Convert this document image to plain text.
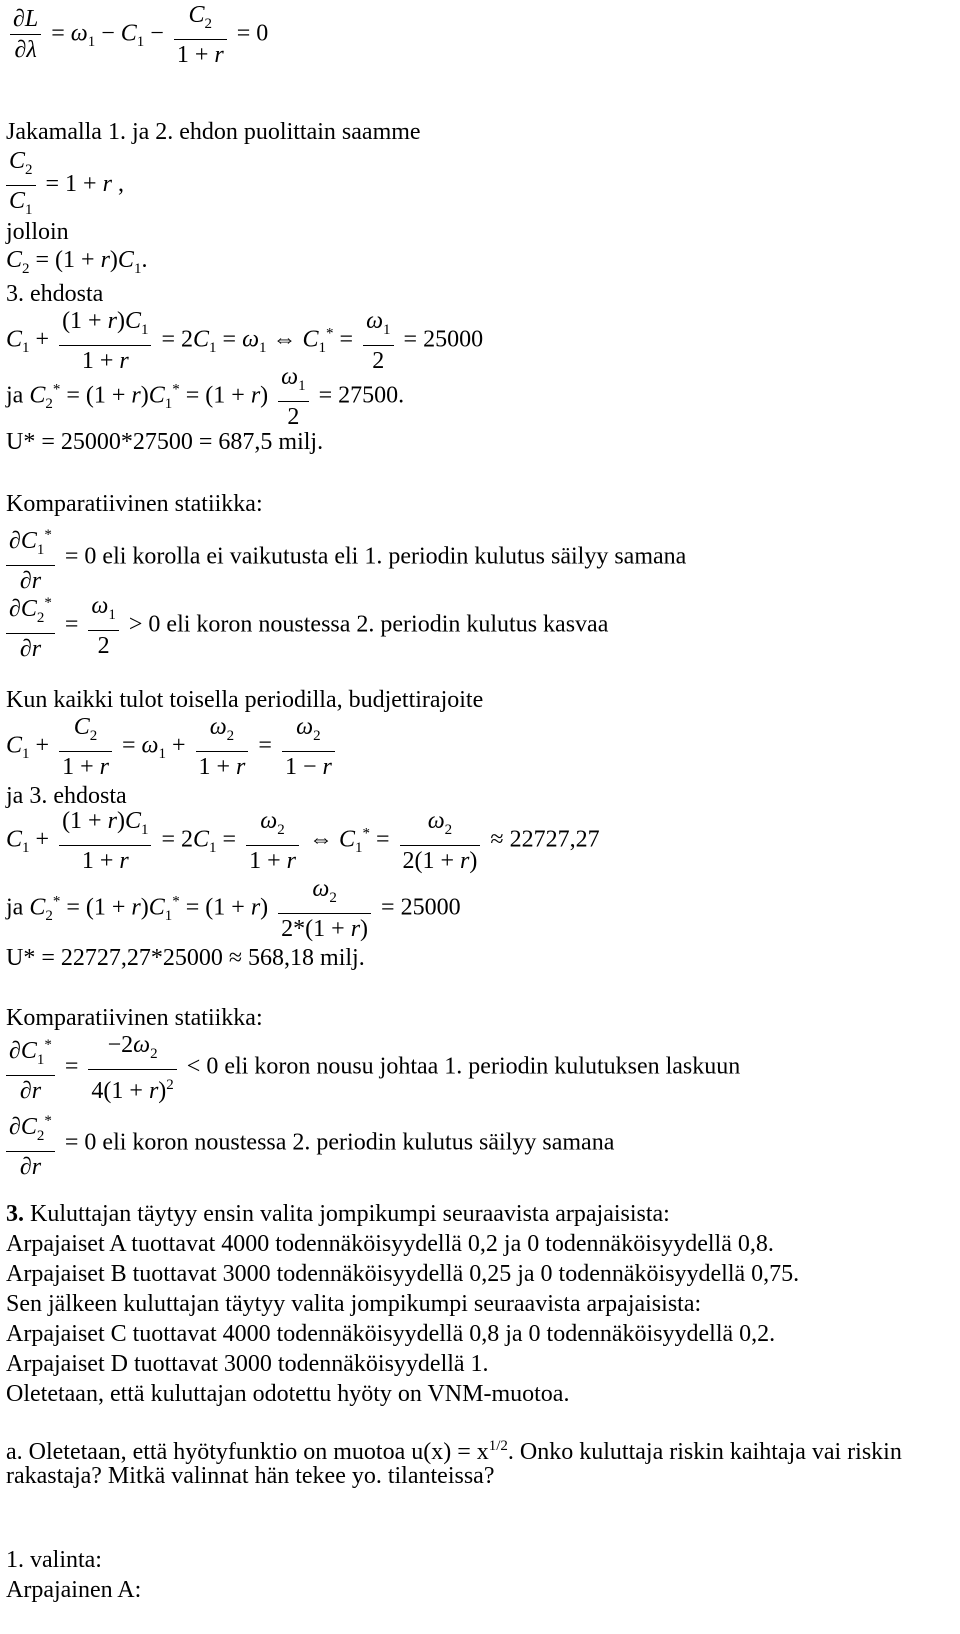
$\frac{\partial L}{\partial\lambda} = \omega_1 - C_1 - \frac{C_2}{1 + r} = 0$
Jakamalla 1. ja 2. ehdon puolittain saamme
$\frac{C_2}{C_1} = 1 + r$ ,
jolloin
$C_2 = (1 + r)C_1$.
3. ehdosta
$C_1 + \frac{(1 + r)C_1}{1 + r} = 2C_1 = \omega_1$ ⇔ $C_1^* = \frac{\omega_1}{2} = 25000$
ja $C_2^* = (1 + r)C_1^* = (1 + r) \frac{\omega_1}{2} = 27500$.
U* = 25000*27500 = 687,5 milj.
Komparatiivinen statiikka:
$\frac{\partial C_1^*}{\partial r} = 0$ eli korolla ei vaikutusta eli 1. periodin kulutus säilyy samana
$\frac{\partial C_2^*}{\partial r} = \frac{\omega_1}{2} > 0$ eli koron noustessa 2. periodin kulutus kasvaa
Kun kaikki tulot toisella periodilla, budjettirajoite
$C_1 + \frac{C_2}{1 + r} = \omega_1 + \frac{\omega_2}{1 + r} = \frac{\omega_2}{1 - r}$
ja 3. ehdosta
$C_1 + \frac{(1 + r)C_1}{1 + r} = 2C_1 = \frac{\omega_2}{1 + r}$ ⇔ $C_1^* = \frac{\omega_2}{2(1 + r)} \approx 22727,27$
ja $C_2^* = (1 + r)C_1^* = (1 + r) \frac{\omega_2}{2*(1 + r)} = 25000$
U* = 22727,27*25000 ≈ 568,18 milj.
Komparatiivinen statiikka:
$\frac{\partial C_1^*}{\partial r} = \frac{-2\omega_2}{4(1 + r)^2} < 0$ eli koron nousu johtaa 1. periodin kulutuksen laskuun
$\frac{\partial C_2^*}{\partial r} = 0$ eli koron noustessa 2. periodin kulutus säilyy samana
3. Kuluttajan täytyy ensin valita jompikumpi seuraavista arpajaisista:
Arpajaiset A tuottavat 4000 todennäköisyydellä 0,2 ja 0 todennäköisyydellä 0,8.
Arpajaiset B tuottavat 3000 todennäköisyydellä 0,25 ja 0 todennäköisyydellä 0,75.
Sen jälkeen kuluttajan täytyy valita jompikumpi seuraavista arpajaisista:
Arpajaiset C tuottavat 4000 todennäköisyydellä 0,8 ja 0 todennäköisyydellä 0,2.
Arpajaiset D tuottavat 3000 todennäköisyydellä 1.
Oletetaan, että kuluttajan odotettu hyöty on VNM-muotoa.
a. Oletetaan, että hyötyfunktio on muotoa $u(x) = x^{1/2}$. Onko kuluttaja riskin kaihtaja vai riskin
rakastaja? Mitkä valinnat hän tekee yo. tilanteissa?
1. valinta:
Arpajainen A:
